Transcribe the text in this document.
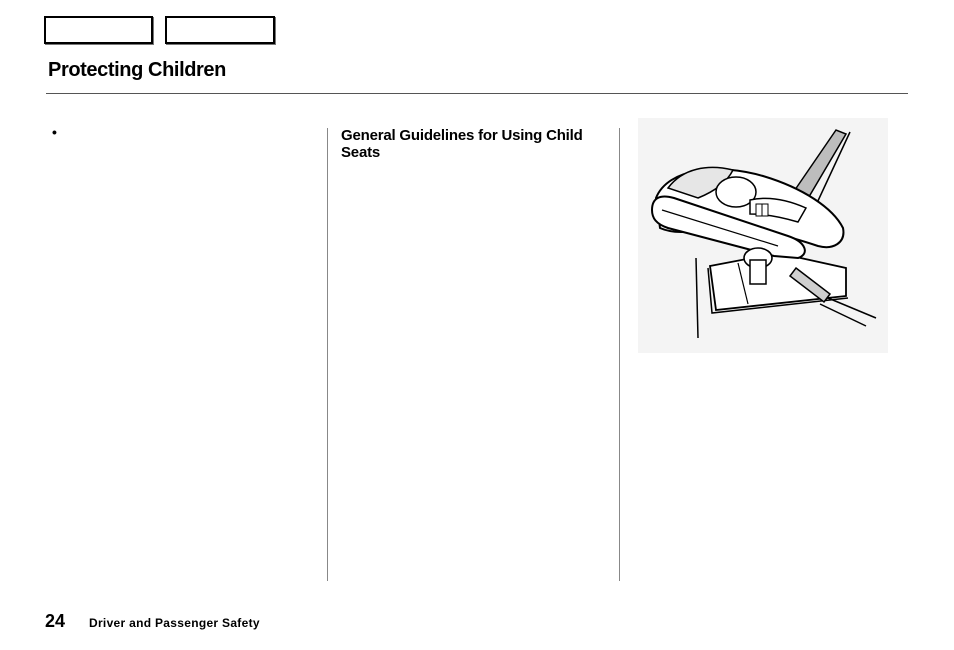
Protecting Children
•	General Guidelines for Using Child Seats
24 Driver and Passenger Safety
